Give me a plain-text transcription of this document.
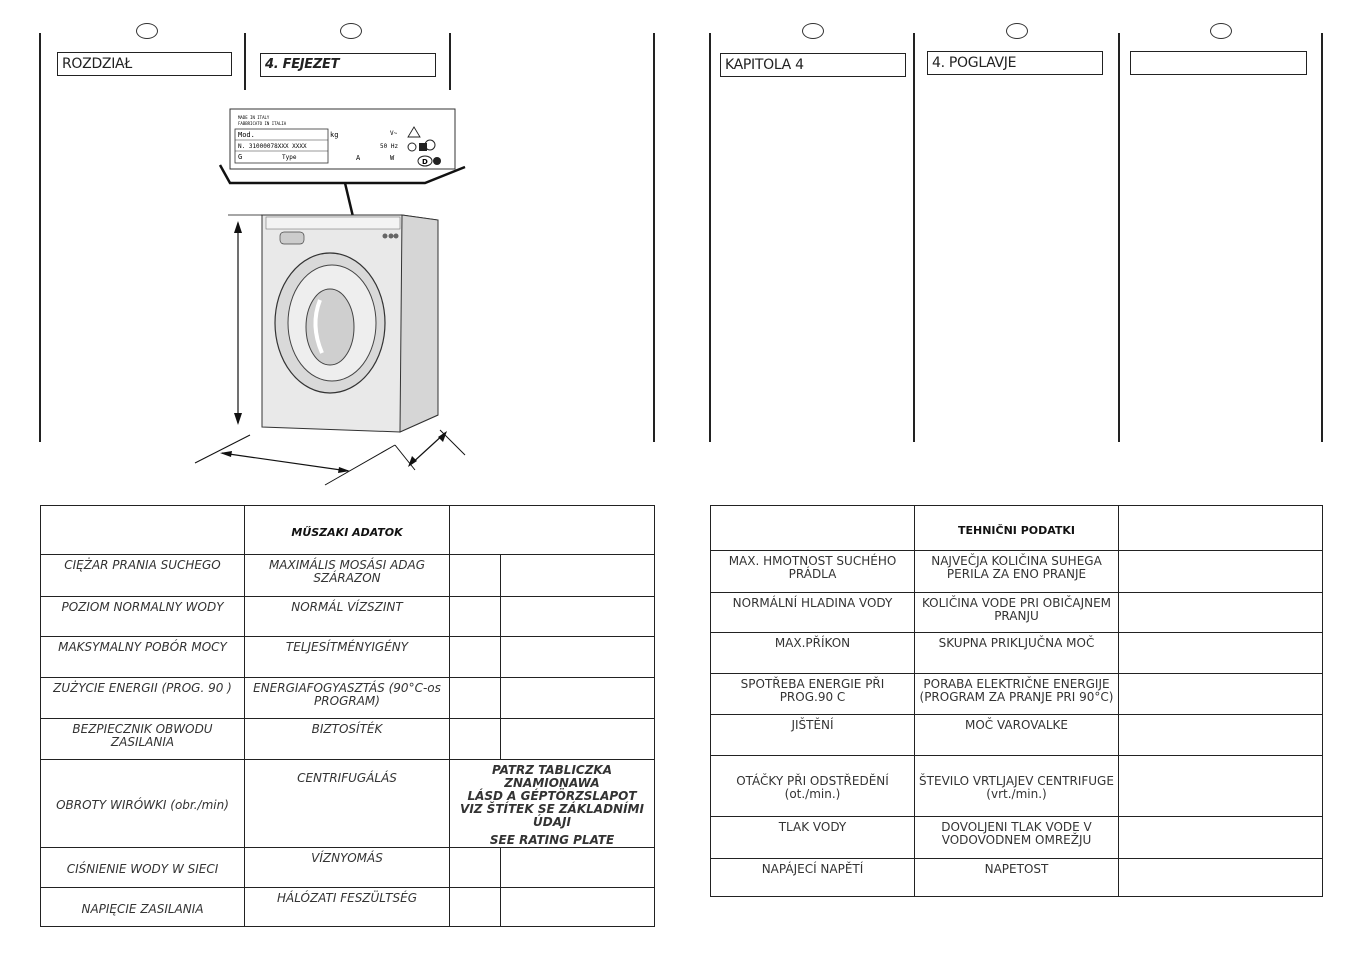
ROZDZIAŁ	4. FEJEZET
MADE IN ITALY
FABBRICATO IN ITALIA
Mod.
N. 31000078XXX XXXX
G	Type
kg
50 Hz
V~
W
A	D
	MŰSZAKI ADATOK		
CIĘŻAR PRANIA SUCHEGO	MAXIMÁLIS MOSÁSI ADAG SZÁRAZON		
POZIOM NORMALNY WODY	NORMÁL VÍZSZINT		
MAKSYMALNY POBÓR MOCY	TELJESÍTMÉNYIGÉNY		
ZUŻYCIE ENERGII (PROG. 90 )	ENERGIAFOGYASZTÁS (90°C-os PROGRAM)		
BEZPIECZNIK OBWODU ZASILANIA	BIZTOSÍTÉK		
OBROTY WIRÓWKI (obr./min)	CENTRIFUGÁLÁS	PATRZ TABLICZKA ZNAMIONAWA
LÁSD A GÉPTÖRZSLAPOT
VIZ ŠTÍTEK SE ZÁKLADNÍMI ÚDAJI
SEE RATING PLATE	

CIŚNIENIE WODY W SIECI	VÍZNYOMÁS		
NAPIĘCIE ZASILANIA	HÁLÓZATI FESZÜLTSÉG		
KAPITOLA 4	4. POGLAVJE
	TEHNIČNI PODATKI	
MAX. HMOTNOST SUCHÉHO PRÁDLA	NAJVEČJA KOLIČINA SUHEGA PERILA ZA ENO PRANJE	
NORMÁLNÍ HLADINA VODY	KOLIČINA VODE PRI OBIČAJNEM PRANJU	
MAX.PŘÍKON	SKUPNA PRIKLJUČNA MOČ	
SPOTŘEBA ENERGIE PŘI PROG.90 C	PORABA ELEKTRIČNE ENERGIJE (PROGRAM ZA PRANJE PRI 90°C)	
JIŠTĚNÍ	MOČ VAROVALKE	
OTÁČKY PŘI ODSTŘEDĚNÍ (ot./min.)	ŠTEVILO VRTLJAJEV CENTRIFUGE (vrt./min.)	
TLAK VODY	DOVOLJENI TLAK VODE V VODOVODNEM OMREŽJU	
NAPÁJECÍ NAPĚTÍ	NAPETOST	
